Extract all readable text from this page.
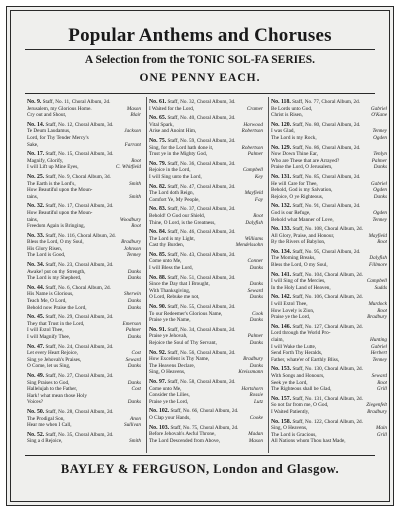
Popular Anthems and Choruses
A Selection from the TONIC SOL-FA SERIES.
ONE PENNY EACH.
No. 9. Staff, No. 11, Choral Album, 2d.
Jerusalem, my Glorious Home.	Mason
Cry out and Shout,	Blair
No. 14. Staff, No. 12, Choral Album, 3d.
Te Deum Laudamus,	Jackson
Lord, for Thy Tender Mercy's
Sake,	Farrant
No. 17. Staff, No. 15, Choral Album, 3d.
Magnify, Glorify,	Root
I will Lift up Mine Eyes,	C. Whitfield
No. 25. Staff, No. 9, Choral Album, 3d.
The Earth is the Lord's,	Smith
How Beautiful upon the Moun-
tains,	Smith
No. 32. Staff, No. 17, Choral Album, 2d.
How Beautiful upon the Moun-
tains,	Woodbury
Freedom Again is Bringing,	Root
No. 33. Staff, No. 116, Choral Album, 2d.
Bless the Lord, O my Soul,	Bradbury
His Glory Risen,	Johnson
The Lord is Good,	Tenney
No. 34. Staff, No. 23, Choral Album, 2d.
Awake! put on thy Strength,	Danks
The Lord is my Shepherd,	Danks
No. 44. Staff, No. 6, Choral Album, 2d.
His Name is Glorious,	Sherwin
Teach Me, O Lord,	Danks
Behold now Praise the Lord,	Danks
No. 45. Staff, No. 29, Choral Album, 2d.
They that Trust in the Lord,	Emerson
I will Extol Thee,	Palmer
I will Magnify Thee,	Danks
No. 47. Staff, No. 24, Choral Album, 2d.
Let every Heart Rejoice,	Cost
Sing ye Jehovah's Praises,	Seward
O Come, let us Sing,	Danks
No. 49. Staff, No. 27, Choral Album, 2d.
Sing Praises to God,	Danks
Hallelujah to the Father,	Cost
Hark! what mean those Holy
Voices?	Danks
No. 50. Staff, No. 28, Choral Album, 2d.
The Prodigal Son,	Anon
Hear me when I Call,	Sullivan
No. 52. Staff, No. 35, Choral Album, 2d.
Sing a d Rejoice,	Smith
No. 61. Staff, No. 32, Choral Album, 3d.
I Waited for the Lord,	Cramer
No. 65. Staff, No. 40, Choral Album, 2d.
Vital Spark,	Harwood
Arise and Anoint Him,	Robertson
No. 75. Staff, No. 59, Choral Album, 2d.
Sing, for the Lord hath done it,	Robertson
Trust ye in the Mighty God,	Palmer
No. 79. Staff, No. 36, Choral Album, 2d.
Rejoice in the Lord,	Campbell
I will Sing unto the Lord,	Key
No. 82. Staff, No. 47, Choral Album, 2d.
The Lord doth Reign,	Mayfield
Comfort Ye, My People,	Fay
No. 83. Staff, No. 37, Choral Album, 2d.
Behold! O God our Shield,	Root
Thine, O Lord, is the Greatness,	Dalyfish
No. 84. Staff, No. 46, Choral Album, 2d.
The Lord is my Light,	Williams
Cast thy Burden,	Mendelssohn
No. 85. Staff, No. 43, Choral Album, 2d.
Come unto Me,	Conner
I will Bless the Lord,	Danks
No. 88. Staff, No. 51, Choral Album, 2d.
Since the Day that I Brought,	Danks
With Thanksgiving,	Seward
O Lord, Rebuke me not,	Danks
No. 90. Staff, No. 55, Choral Album, 2d.
To our Redeemer's Glorious Name,	Cook
Praise ye the Name,	Danks
No. 91. Staff, No. 34, Choral Album, 2d.
Praise ye Jehovah,	Palmer
Rejoice the Soul of Thy Servant,	Danks
No. 92. Staff, No. 56, Choral Album, 2d.
How Excellent is Thy Name,	Bradbury
The Heavens Declare,	Danks
Sing, O Heavens,	Kreissmann
No. 97. Staff, No. 58, Choral Album, 2d.
Come unto Me,	Hartshorn
Consider the Lilies,	Rossie
Praise ye the Lord,	Lutz
No. 102. Staff, No. 66, Choral Album, 2d.
O Clap your Hands,	Cooke
No. 103. Staff, No. 75, Choral Album, 2d.
Before Jehovah's Awful Throne,	Madan
The Lord Descended from Above,	Mason
No. 118. Staff, No. 77, Choral Album, 2d.
Be Lords unto God,	Gabriel
Christ is Risen,	O'Kane
No. 120. Staff, No. 80, Choral Album, 2d.
I was Glad,	Tenney
The Lord is my Rock,	Ogden
No. 129. Staff, No. 86, Choral Album, 2d.
Now Down Thine Ear,	Tenlyn
Who are These that are Arrayed?	Palmer
Praise the Lord, O Jerusalem,	Danks
No. 131. Staff, No. 85, Choral Album, 2d.
He will Care for Thee,	Gabriel
Behold, God is my Salvation,	Ogden
Rejoice, O ye Righteous,	Danks
No. 132. Staff, No. 91, Choral Album, 2d.
God is our Refuge,	Ogden
Behold what Manner of Love,	Tenney
No. 133. Staff, No. 108, Choral Album, 2d.
All Glory, Praise, and Honour,	Mayfield
By the Rivers of Babylon,	Root
No. 134. Staff, No. 95, Choral Album, 2d.
The Morning Breaks,	Dalyfish
Bless the Lord, O my Soul,	Fillmore
No. 141. Staff, No. 104, Choral Album, 2d.
I will Sing of the Mercies,	Campbell
In the Holy Land of Heaven,	Sudds
No. 142. Staff, No. 106, Choral Album, 2d.
I will Extol Thee,	Murdock
How Lovely is Zion,	Root
Praise ye the Lord,	Bradbury
No. 146. Staff, No. 127, Choral Album, 2d.
Lord through the World Pro-
claim,	Hunting
I will Wake the Lutte,	Gabriel
Send Forth Thy Heralds,	Herbert
Father, whate'er of Earthly Bliss,	Tenney
No. 153. Staff, No. 130, Choral Album, 2d.
With Songs and Honours,	Seward
Seek ye the Lord,	Root
The Righteous shall be Glad,	Grill
No. 157. Staff, No. 131, Choral Album, 2d.
So not far from me, O God,	Ziegenfelt
I Waited Patiently,	Bradbury
No. 158. Staff, No. 122, Choral Album, 2d.
Sing, O Heavens,	Main
The Lord is Gracious,	Grill
All Nations whom Thou hast Made,
BAYLEY & FERGUSON, London and Glasgow.
